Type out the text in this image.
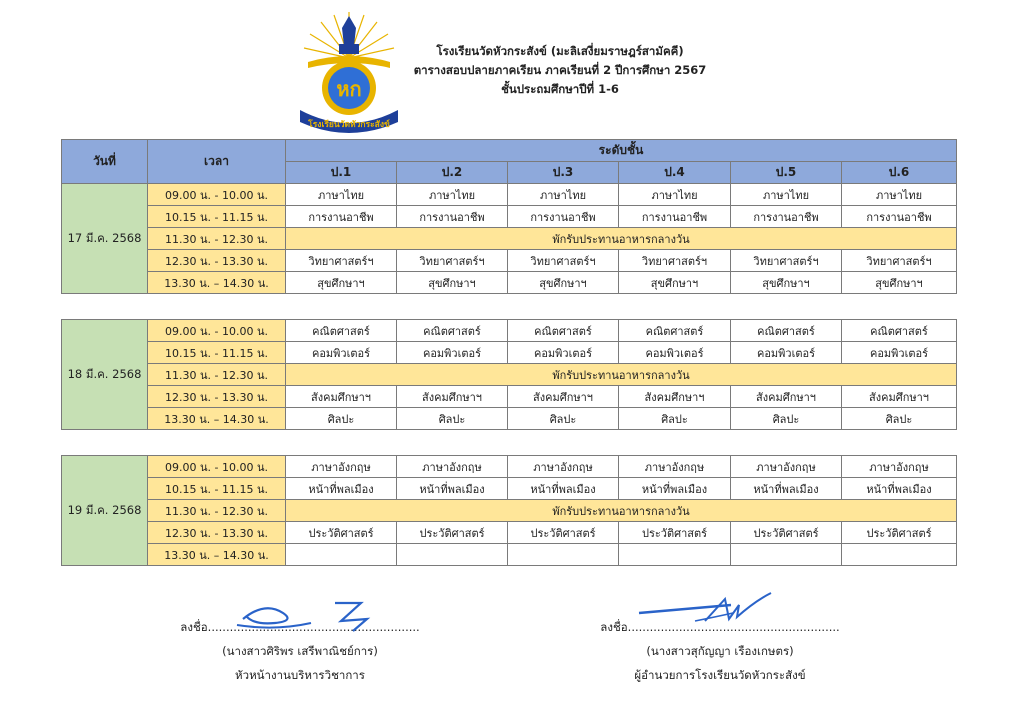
หก
โรงเรียนวัดหัวกระสังข์
โรงเรียนวัดหัวกระสังข์ (มะลิเสงี่ยมราษฎร์สามัคคี)
ตารางสอบปลายภาคเรียน ภาคเรียนที่ 2 ปีการศึกษา 2567
ชั้นประถมศึกษาปีที่ 1-6
วันที่	เวลา	ระดับชั้น					
		ป.1	ป.2	ป.3	ป.4	ป.5	ป.6
17 มี.ค. 2568	09.00 น. - 10.00 น.	ภาษาไทย	ภาษาไทย	ภาษาไทย	ภาษาไทย	ภาษาไทย	ภาษาไทย
	10.15 น. - 11.15 น.	การงานอาชีพ	การงานอาชีพ	การงานอาชีพ	การงานอาชีพ	การงานอาชีพ	การงานอาชีพ
	11.30 น. - 12.30 น.	พักรับประทานอาหารกลางวัน					
	12.30 น. - 13.30 น.	วิทยาศาสตร์ฯ	วิทยาศาสตร์ฯ	วิทยาศาสตร์ฯ	วิทยาศาสตร์ฯ	วิทยาศาสตร์ฯ	วิทยาศาสตร์ฯ
	13.30 น. – 14.30 น.	สุขศึกษาฯ	สุขศึกษาฯ	สุขศึกษาฯ	สุขศึกษาฯ	สุขศึกษาฯ	สุขศึกษาฯ
18 มี.ค. 2568	09.00 น. - 10.00 น.	คณิตศาสตร์	คณิตศาสตร์	คณิตศาสตร์	คณิตศาสตร์	คณิตศาสตร์	คณิตศาสตร์
	10.15 น. - 11.15 น.	คอมพิวเตอร์	คอมพิวเตอร์	คอมพิวเตอร์	คอมพิวเตอร์	คอมพิวเตอร์	คอมพิวเตอร์
	11.30 น. - 12.30 น.	พักรับประทานอาหารกลางวัน					
	12.30 น. - 13.30 น.	สังคมศึกษาฯ	สังคมศึกษาฯ	สังคมศึกษาฯ	สังคมศึกษาฯ	สังคมศึกษาฯ	สังคมศึกษาฯ
	13.30 น. – 14.30 น.	ศิลปะ	ศิลปะ	ศิลปะ	ศิลปะ	ศิลปะ	ศิลปะ
19 มี.ค. 2568	09.00 น. - 10.00 น.	ภาษาอังกฤษ	ภาษาอังกฤษ	ภาษาอังกฤษ	ภาษาอังกฤษ	ภาษาอังกฤษ	ภาษาอังกฤษ
	10.15 น. - 11.15 น.	หน้าที่พลเมือง	หน้าที่พลเมือง	หน้าที่พลเมือง	หน้าที่พลเมือง	หน้าที่พลเมือง	หน้าที่พลเมือง
	11.30 น. - 12.30 น.	พักรับประทานอาหารกลางวัน					
	12.30 น. - 13.30 น.	ประวัติศาสตร์	ประวัติศาสตร์	ประวัติศาสตร์	ประวัติศาสตร์	ประวัติศาสตร์	ประวัติศาสตร์
	13.30 น. – 14.30 น.						
ลงชื่อ..........................................................
(นางสาวศิริพร เสรีพาณิชย์การ)
หัวหน้างานบริหารวิชาการ
ลงชื่อ..........................................................
(นางสาวสุกัญญา เรืองเกษตร)
ผู้อำนวยการโรงเรียนวัดหัวกระสังข์
